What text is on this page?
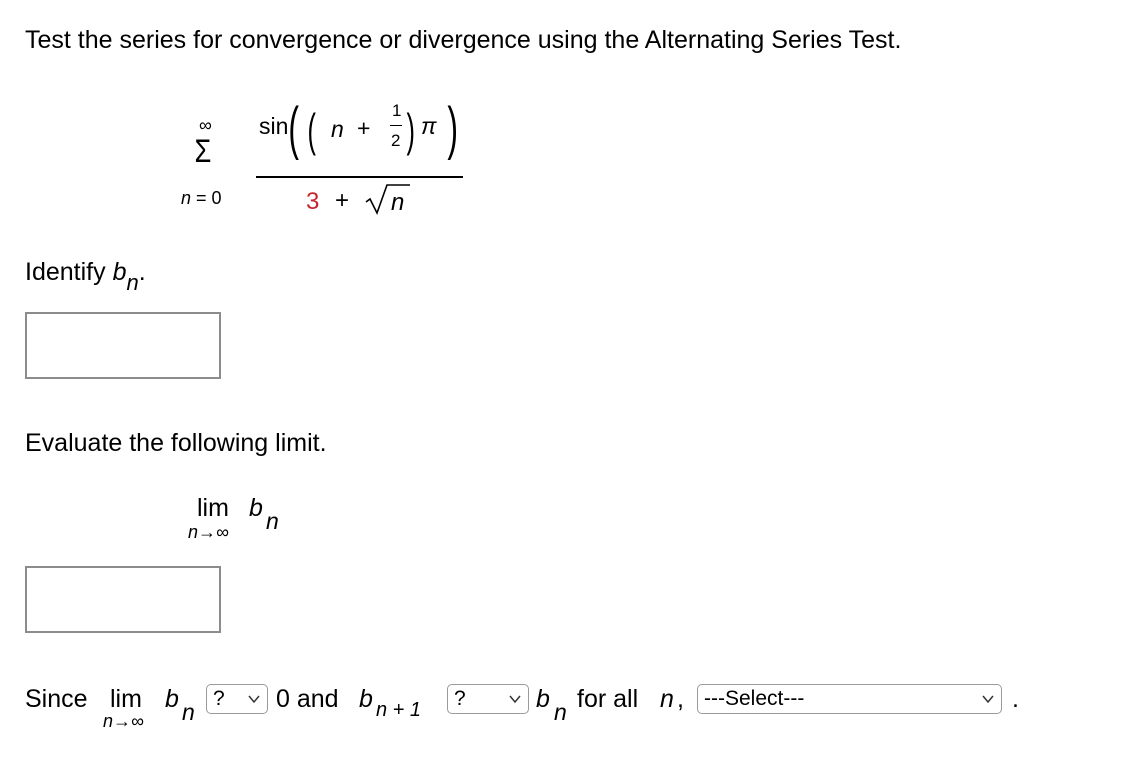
Test the series for convergence or divergence using the Alternating Series Test.
∞
Σ
n = 0
sin ( ( n +
1
2 ) π )
3 + n
Identify $b_n$.
Evaluate the following limit.
lim b n
n→∞
Since lim b n
n→∞
? 0 and b n + 1 ?	b n for all n , ---Select---	.
